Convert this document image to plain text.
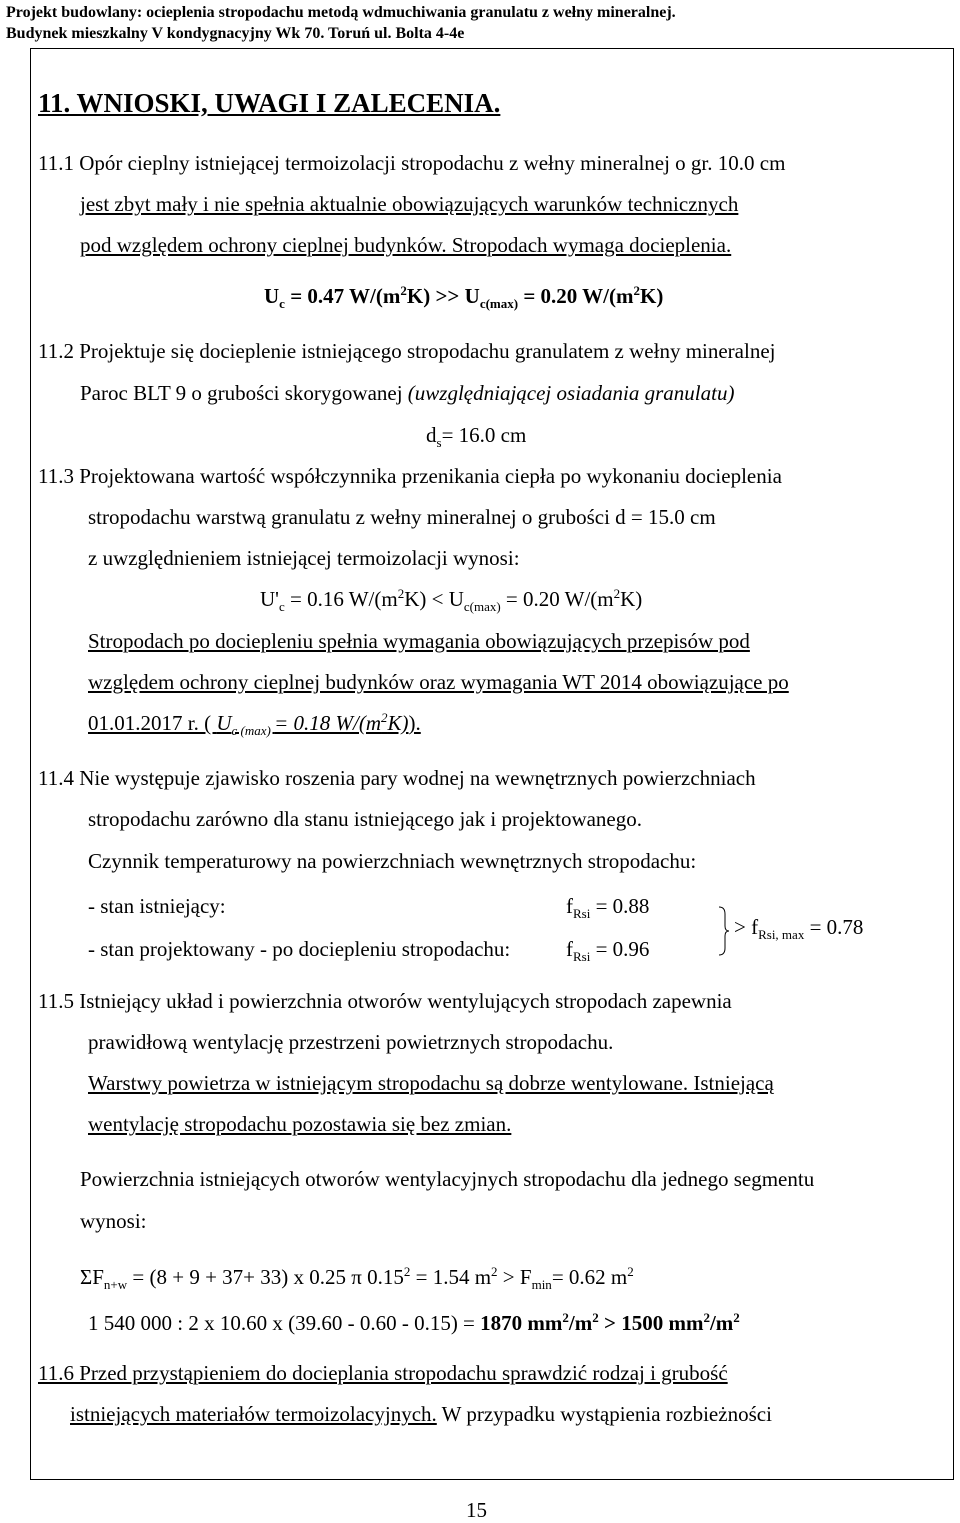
Projekt budowlany: ocieplenia stropodachu metodą wdmuchiwania granulatu z wełny mineralnej.
Budynek mieszkalny V kondygnacyjny Wk 70. Toruń ul. Bolta 4-4e
11. WNIOSKI, UWAGI I ZALECENIA.
11.1 Opór cieplny istniejącej termoizolacji stropodachu z wełny mineralnej o gr. 10.0 cm
jest zbyt mały i nie spełnia aktualnie obowiązujących warunków technicznych
pod względem ochrony cieplnej budynków. Stropodach wymaga docieplenia.
$U_c = 0.47$ $W/(m^2K) >> U_{c(max)} = 0.20$ $W/(m^2K)$
11.2 Projektuje się docieplenie istniejącego stropodachu granulatem z wełny mineralnej
Paroc BLT 9 o grubości skorygowanej (uwzględniającej osiadania granulatu)
$d_s= 16.0$ cm
11.3 Projektowana wartość współczynnika przenikania ciepła po wykonaniu docieplenia
stropodachu warstwą granulatu z wełny mineralnej o grubości d = 15.0 cm
z uwzględnieniem istniejącej termoizolacji wynosi:
$U'_c = 0.16$ $W/(m^2K) < U_{c(max)} = 0.20$ $W/(m^2K)$
Stropodach po dociepleniu spełnia wymagania obowiązujących przepisów pod
względem ochrony cieplnej budynków oraz wymagania WT 2014 obowiązujące po
01.01.2017 r. ( $U_{c (max)} = 0.18$ $W/(m^2K)$).
11.4 Nie występuje zjawisko roszenia pary wodnej na wewnętrznych powierzchniach
stropodachu zarówno dla stanu istniejącego jak i projektowanego.
Czynnik temperaturowy na powierzchniach wewnętrznych stropodachu:
- stan istniejący:	$f_{Rsi} = 0.88$
- stan projektowany - po dociepleniu stropodachu:	$f_{Rsi} = 0.96$
> $f_{Rsi, max} = 0.78$
11.5 Istniejący układ i powierzchnia otworów wentylujących stropodach zapewnia
prawidłową wentylację przestrzeni powietrznych stropodachu.
Warstwy powietrza w istniejącym stropodachu są dobrze wentylowane. Istniejącą
wentylację stropodachu pozostawia się bez zmian.
Powierzchnia istniejących otworów wentylacyjnych stropodachu dla jednego segmentu
wynosi:
$\Sigma F_{n+w} = (8 + 9 + 37+ 33)$ x 0.25 π $0.15^2 = 1.54$ $m^2 > F_{min}= 0.62$ $m^2$
1 540 000 : 2 x 10.60 x (39.60 - 0.60 - 0.15) = 1870 $mm^2/m^2 > 1500$ $mm^2/m^2$
11.6 Przed przystąpieniem do docieplania stropodachu sprawdzić rodzaj i grubość
istniejących materiałów termoizolacyjnych. W przypadku wystąpienia rozbieżności
15
